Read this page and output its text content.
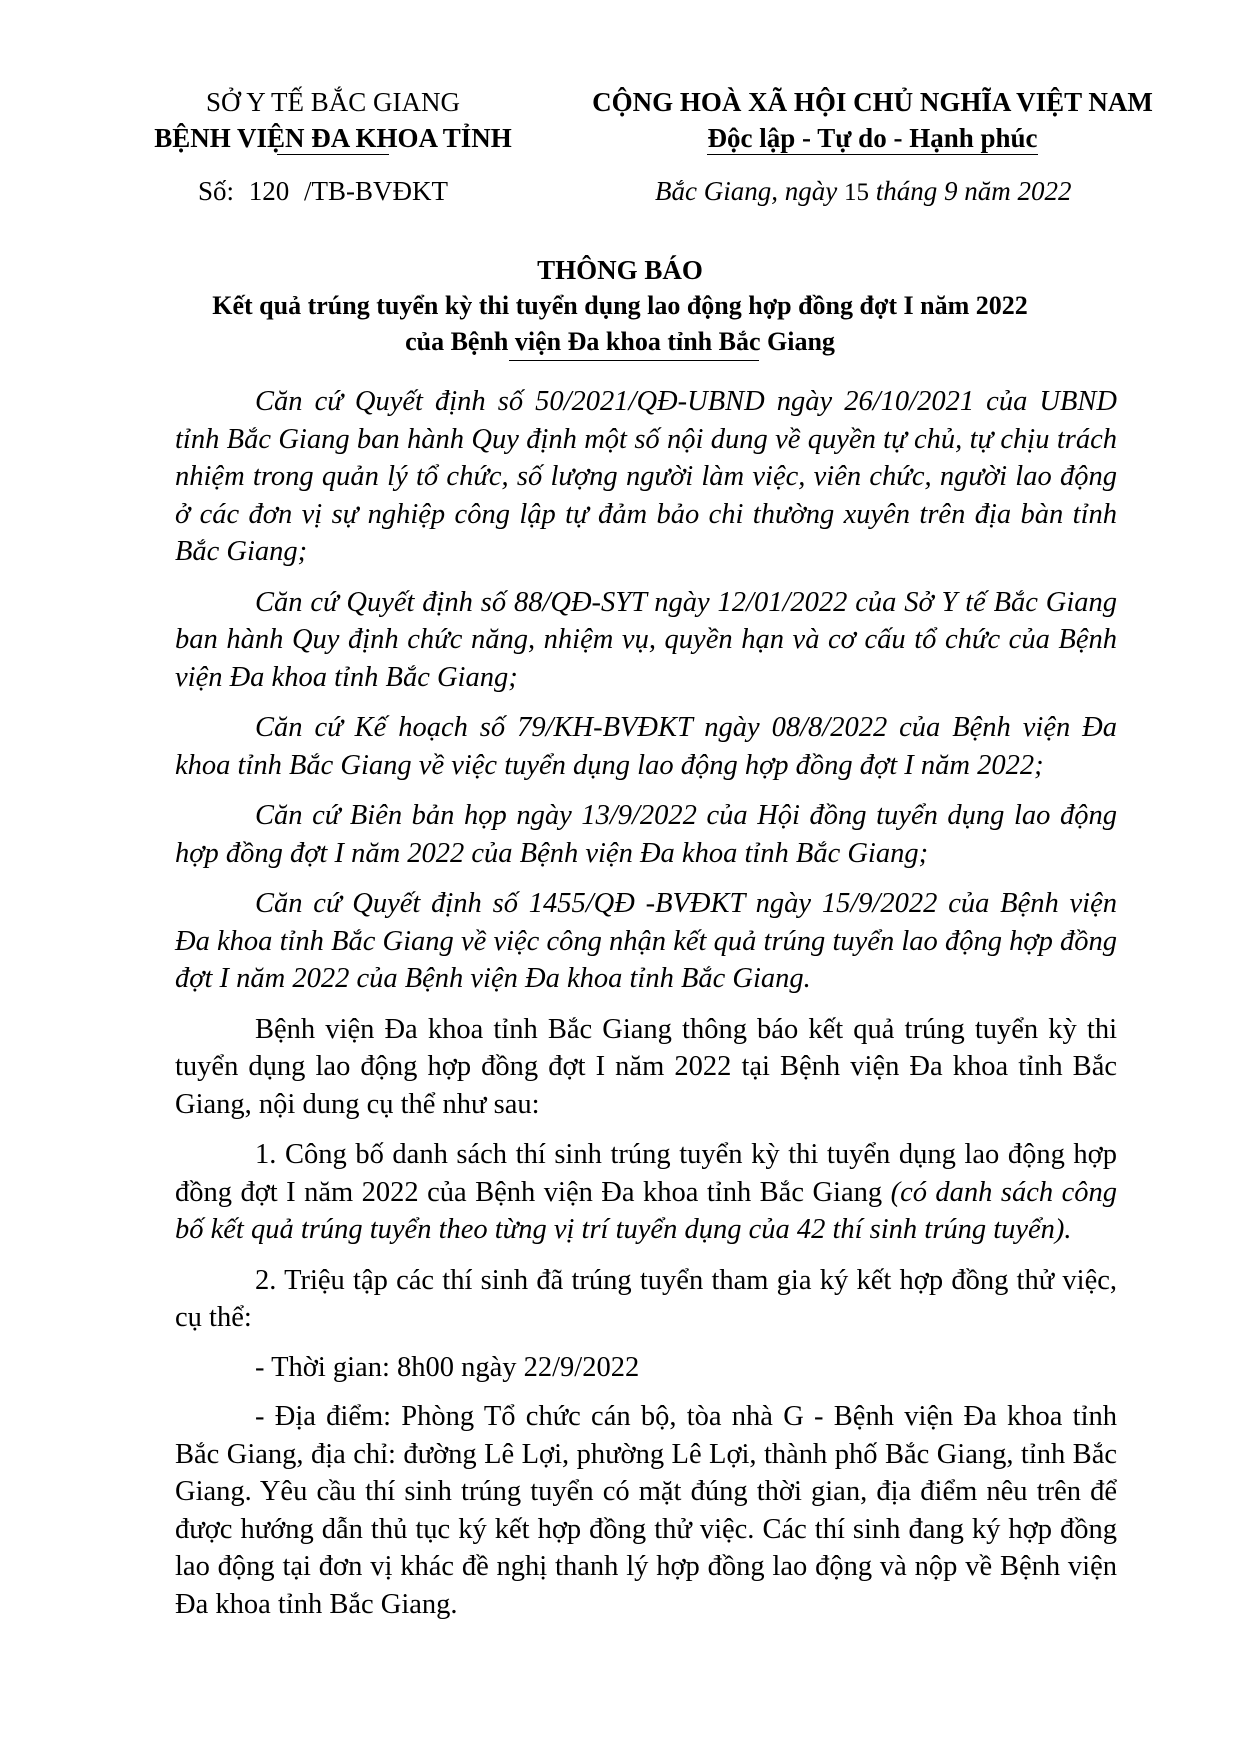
SỞ Y TẾ BẮC GIANG
BỆNH VIỆN ĐA KHOA TỈNH
CỘNG HOÀ XÃ HỘI CHỦ NGHĨA VIỆT NAM
Độc lập - Tự do - Hạnh phúc
Số: 120 /TB-BVĐKT	Bắc Giang, ngày 15 tháng 9 năm 2022
THÔNG BÁO
Kết quả trúng tuyển kỳ thi tuyển dụng lao động hợp đồng đợt I năm 2022
của Bệnh viện Đa khoa tỉnh Bắc Giang

Căn cứ Quyết định số 50/2021/QĐ-UBND ngày 26/10/2021 của UBND tỉnh Bắc Giang ban hành Quy định một số nội dung về quyền tự chủ, tự chịu trách nhiệm trong quản lý tổ chức, số lượng người làm việc, viên chức, người lao động ở các đơn vị sự nghiệp công lập tự đảm bảo chi thường xuyên trên địa bàn tỉnh Bắc Giang;

Căn cứ Quyết định số 88/QĐ-SYT ngày 12/01/2022 của Sở Y tế Bắc Giang ban hành Quy định chức năng, nhiệm vụ, quyền hạn và cơ cấu tổ chức của Bệnh viện Đa khoa tỉnh Bắc Giang;

Căn cứ Kế hoạch số 79/KH-BVĐKT ngày 08/8/2022 của Bệnh viện Đa khoa tỉnh Bắc Giang về việc tuyển dụng lao động hợp đồng đợt I năm 2022;

Căn cứ Biên bản họp ngày 13/9/2022 của Hội đồng tuyển dụng lao động hợp đồng đợt I năm 2022 của Bệnh viện Đa khoa tỉnh Bắc Giang;

Căn cứ Quyết định số 1455/QĐ -BVĐKT ngày 15/9/2022 của Bệnh viện Đa khoa tỉnh Bắc Giang về việc công nhận kết quả trúng tuyển lao động hợp đồng đợt I năm 2022 của Bệnh viện Đa khoa tỉnh Bắc Giang.

Bệnh viện Đa khoa tỉnh Bắc Giang thông báo kết quả trúng tuyển kỳ thi tuyển dụng lao động hợp đồng đợt I năm 2022 tại Bệnh viện Đa khoa tỉnh Bắc Giang, nội dung cụ thể như sau:

1. Công bố danh sách thí sinh trúng tuyển kỳ thi tuyển dụng lao động hợp đồng đợt I năm 2022 của Bệnh viện Đa khoa tỉnh Bắc Giang (có danh sách công bố kết quả trúng tuyển theo từng vị trí tuyển dụng của 42 thí sinh trúng tuyển).

2. Triệu tập các thí sinh đã trúng tuyển tham gia ký kết hợp đồng thử việc, cụ thể:

- Thời gian: 8h00 ngày 22/9/2022

- Địa điểm: Phòng Tổ chức cán bộ, tòa nhà G - Bệnh viện Đa khoa tỉnh Bắc Giang, địa chỉ: đường Lê Lợi, phường Lê Lợi, thành phố Bắc Giang, tỉnh Bắc Giang. Yêu cầu thí sinh trúng tuyển có mặt đúng thời gian, địa điểm nêu trên để được hướng dẫn thủ tục ký kết hợp đồng thử việc. Các thí sinh đang ký hợp đồng lao động tại đơn vị khác đề nghị thanh lý hợp đồng lao động và nộp về Bệnh viện Đa khoa tỉnh Bắc Giang.
